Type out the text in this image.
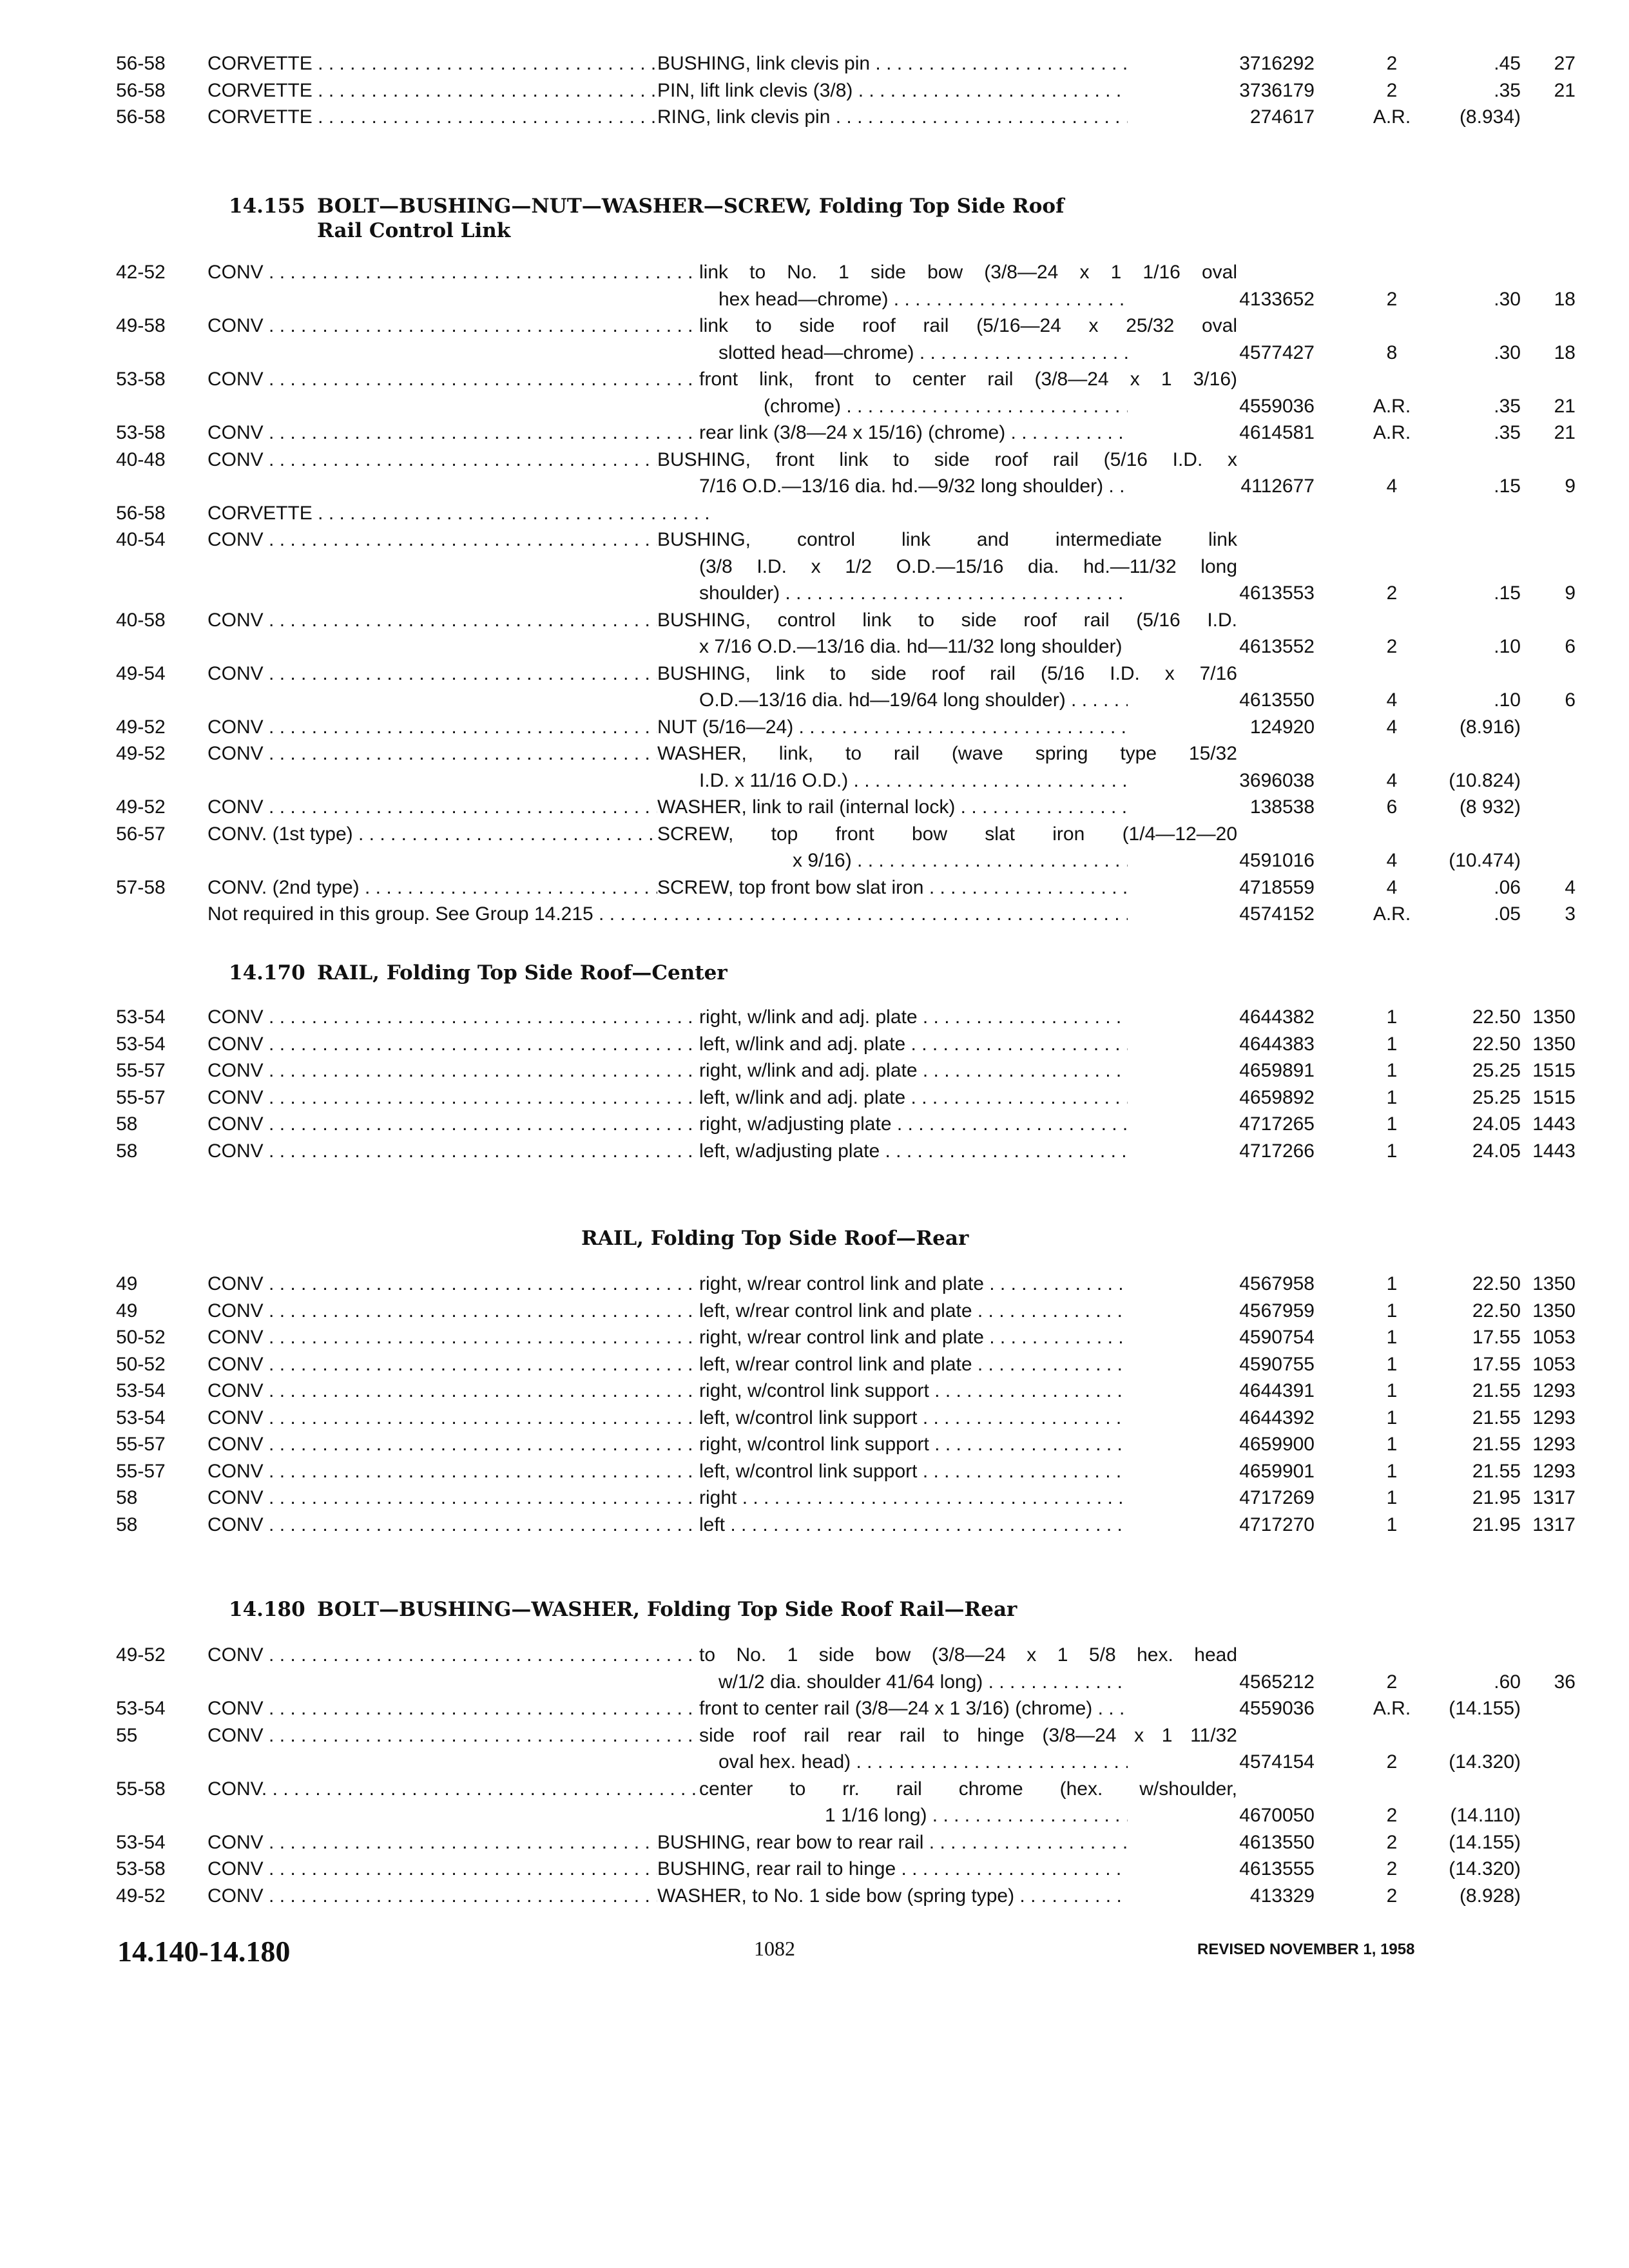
56-58	CORVETTE . . .	BUSHING, link clevis pin . . .	3716292	2	.45	27
56-58	CORVETTE . . .	PIN, lift link clevis (3/8) . . .	3736179	2	.35	21
56-58	CORVETTE . . .	RING, link clevis pin . . .	274617	A.R.	(8.934)
14.155 BOLT—BUSHING—NUT—WASHER—SCREW, Folding Top Side Roof
Rail Control Link
42-52	CONV . . .	link to No. 1 side bow (3/8—24 x 1 1/16 oval
hex head—chrome) . . .	4133652	2	.30	18
49-58	CONV . . .	link to side roof rail (5/16—24 x 25/32 oval
slotted head—chrome) . . .	4577427	8	.30	18
53-58	CONV . . .	front link, front to center rail (3/8—24 x 1 3/16)
(chrome) . . .	4559036	A.R.	.35	21
53-58	CONV . . .	rear link (3/8—24 x 15/16) (chrome) . . .	4614581	A.R.	.35	21
40-48	CONV . . .	BUSHING, front link to side roof rail (5/16 I.D. x
7/16 O.D.—13/16 dia. hd.—9/32 long shoulder) . . .	4112677	4	.15	9
56-58	CORVETTE . . .
40-54	CONV . . .	BUSHING, control link and intermediate link
(3/8 I.D. x 1/2 O.D.—15/16 dia. hd.—11/32 long
shoulder) . . .	4613553	2	.15	9
40-58	CONV . . .	BUSHING, control link to side roof rail (5/16 I.D.
x 7/16 O.D.—13/16 dia. hd—11/32 long shoulder) . . .	4613552	2	.10	6
49-54	CONV . . .	BUSHING, link to side roof rail (5/16 I.D. x 7/16
O.D.—13/16 dia. hd—19/64 long shoulder) . . .	4613550	4	.10	6
49-52	CONV . . .	NUT (5/16—24) . . .	124920	4	(8.916)
49-52	CONV . . .	WASHER, link, to rail (wave spring type 15/32
I.D. x 11/16 O.D.) . . .	3696038	4	(10.824)
49-52	CONV . . .	WASHER, link to rail (internal lock) . . .	138538	6	(8 932)
56-57	CONV. (1st type) . . .	SCREW, top front bow slat iron (1/4—12—20
x 9/16) . . .	4591016	4	(10.474)
57-58	CONV. (2nd type) . . .	SCREW, top front bow slat iron . . .	4718559	4	.06	4
Not required in this group. See Group 14.215 . . .	4574152	A.R.	.05	3
14.170 RAIL, Folding Top Side Roof—Center
53-54	CONV . . .	right, w/link and adj. plate . . .	4644382	1	22.50 1350
53-54	CONV . . .	left, w/link and adj. plate . . .	4644383	1	22.50 1350
55-57	CONV . . .	right, w/link and adj. plate . . .	4659891	1	25.25 1515
55-57	CONV . . .	left, w/link and adj. plate . . .	4659892	1	25.25 1515
58	CONV . . .	right, w/adjusting plate . . .	4717265	1	24.05 1443
58	CONV . . .	left, w/adjusting plate . . .	4717266	1	24.05 1443
RAIL, Folding Top Side Roof—Rear
49	CONV . . .	right, w/rear control link and plate . . .	4567958	1	22.50 1350
49	CONV . . .	left, w/rear control link and plate . . .	4567959	1	22.50 1350
50-52	CONV . . .	right, w/rear control link and plate . . .	4590754	1	17.55 1053
50-52	CONV . . .	left, w/rear control link and plate . . .	4590755	1	17.55 1053
53-54	CONV . . .	right, w/control link support . . .	4644391	1	21.55 1293
53-54	CONV . . .	left, w/control link support . . .	4644392	1	21.55 1293
55-57	CONV . . .	right, w/control link support . . .	4659900	1	21.55 1293
55-57	CONV . . .	left, w/control link support . . .	4659901	1	21.55 1293
58	CONV . . .	right . . .	4717269	1	21.95 1317
58	CONV . . .	left . . .	4717270	1	21.95 1317
14.180 BOLT—BUSHING—WASHER, Folding Top Side Roof Rail—Rear
49-52	CONV . . .	to No. 1 side bow (3/8—24 x 1 5/8 hex. head
w/1/2 dia. shoulder 41/64 long) . . .	4565212	2	.60	36
53-54	CONV . . .	front to center rail (3/8—24 x 1 3/16) (chrome) . . .	4559036	A.R.	(14.155)
55	CONV . . .	side roof rail rear rail to hinge (3/8—24 x 1 11/32
oval hex. head) . . .	4574154	2	(14.320)
55-58	CONV. . . .	center to rr. rail chrome (hex. w/shoulder,
1 1/16 long) . . .	4670050	2	(14.110)
53-54	CONV . . .	BUSHING, rear bow to rear rail . . .	4613550	2	(14.155)
53-58	CONV . . .	BUSHING, rear rail to hinge . . .	4613555	2	(14.320)
49-52	CONV . . .	WASHER, to No. 1 side bow (spring type) . . .	413329	2	(8.928)
14.140-14.180	1082	REVISED NOVEMBER 1, 1958
